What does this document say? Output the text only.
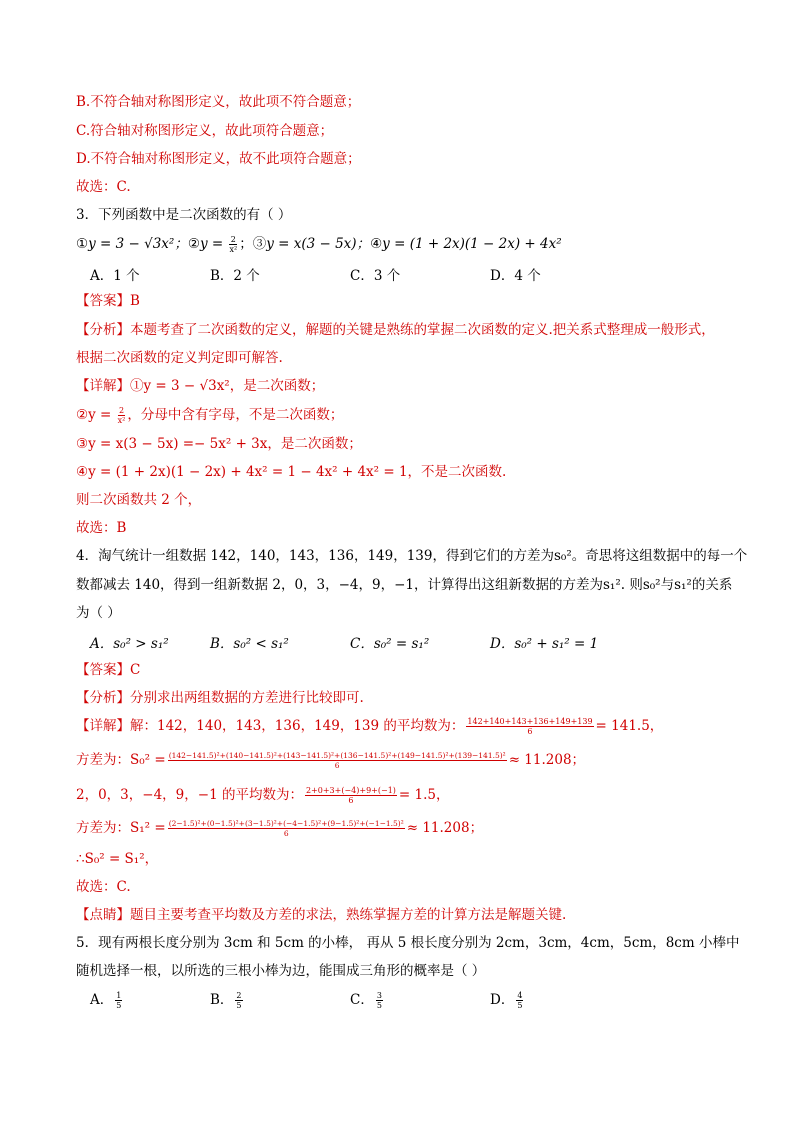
B.不符合轴对称图形定义，故此项不符合题意；
C.符合轴对称图形定义，故此项符合题意；
D.不符合轴对称图形定义，故不此项符合题意；
故选：C.
3．下列函数中是二次函数的有（ ）
①y = 3 − √3x²；②y = $\frac{2}{\text{x²}}$ ；③y = x(3 − 5x)；④y = (1 + 2x)(1 − 2x) + 4x²
A．1 个	B．2 个	C．3 个	D．4 个
【答案】B
【分析】本题考查了二次函数的定义，解题的关键是熟练的掌握二次函数的定义.把关系式整理成一般形式，
根据二次函数的定义判定即可解答.
【详解】①y = 3 − √3x²，是二次函数；
②y = $\frac{2}{\text{x²}}$ ，分母中含有字母，不是二次函数；
③y = x(3 − 5x) =− 5x² + 3x，是二次函数；
④y = (1 + 2x)(1 − 2x) + 4x² = 1 − 4x² + 4x² = 1，不是二次函数.
则二次函数共 2 个，
故选：B
4．淘气统计一组数据 142，140，143，136，149，139，得到它们的方差为s₀²。奇思将这组数据中的每一个
数都减去 140，得到一组新数据 2，0，3，−4，9，−1，计算得出这组新数据的方差为s₁². 则s₀²与s₁²的关系
为（ ）
A．s₀² > s₁²	B．s₀² < s₁²	C．s₀² = s₁²	D．s₀² + s₁² = 1
【答案】C
【分析】分别求出两组数据的方差进行比较即可.
【详解】解：142，140，143，136，149，139 的平均数为： $\frac{142+140+143+136+149+139}{6} = 141.5$，
方差为：S₀² = (142−141.5)²+(140−141.5)²+(143−141.5)²+(136−141.5)²+(149−141.5)²+(139−141.5)²
6	≈ 11.208；
2，0，3，−4，9，−1 的平均数为： $\frac{2+0+3+(-4)+9+(-1)}{6} = 1.5$，
方差为：$S_1^2 = \frac{\text{(2−1.5)²+(0−1.5)²+(3−1.5)²+(−4−1.5)²+(9−1.5)²+(−1−1.5)²}}{6} \approx 11.208$；
∴S₀² = S₁²，
故选：C.
【点睛】题目主要考查平均数及方差的求法，熟练掌握方差的计算方法是解题关键.
5．现有两根长度分别为 3cm 和 5cm 的小棒， 再从 5 根长度分别为 2cm，3cm，4cm，5cm，8cm 小棒中
随机选择一根，以所选的三根小棒为边，能围成三角形的概率是（ ）
A． $\frac{1}{5}$	B． $\frac{2}{5}$	C． $\frac{3}{5}$	D． $\frac{4}{5}$
